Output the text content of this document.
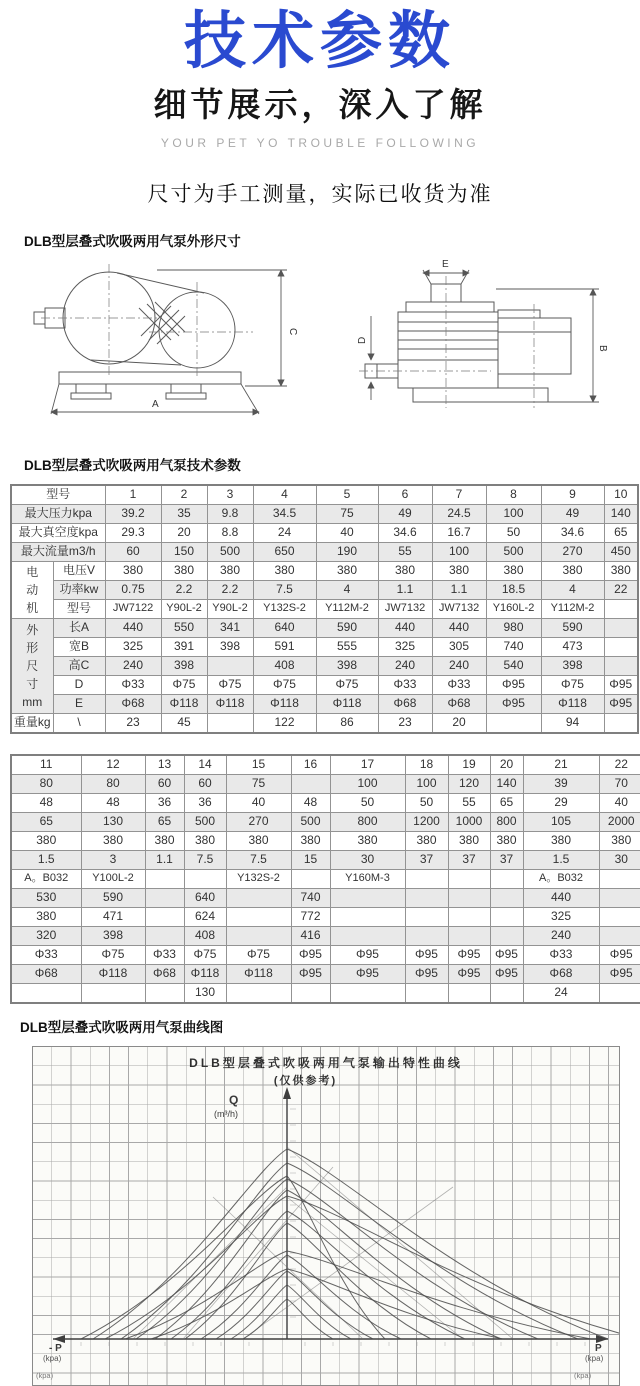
技术参数
细节展示，深入了解
YOUR PET YO TROUBLE FOLLOWING
尺寸为手工测量，实际已收货为准
DLB型层叠式吹吸两用气泵外形尺寸
C
A
E
D
B
DLB型层叠式吹吸两用气泵技术参数
型号		1	2	3	4	5	6	7	8	9	10
最大压力kpa		39.2	35	9.8	34.5	75	49	24.5	100	49	140
最大真空度kpa		29.3	20	8.8	24	40	34.6	16.7	50	34.6	65
最大流量m3/h		60	150	500	650	190	55	100	500	270	450

电
动
机	电压V	380	380	380	380	380	380	380	380	380	380
	功率kw	0.75	2.2	2.2	7.5	4	1.1	1.1	18.5	4	22
	型号	JW7122	Y90L-2	Y90L-2	Y132S-2	Y112M-2	JW7132	JW7132	Y160L-2	Y112M-2	

外
形
尺
寸
mm	长A	440	550	341	640	590	440	440	980	590	
	宽B	325	391	398	591	555	325	305	740	473	
	高C	240	398		408	398	240	240	540	398	
	D	Φ33	Φ75	Φ75	Φ75	Φ75	Φ33	Φ33	Φ95	Φ75	Φ95
	E	Φ68	Φ118	Φ118	Φ118	Φ118	Φ68	Φ68	Φ95	Φ118	Φ95
重量kg	\	23	45		122	86	23	20		94	
11	12	13	14	15	16	17	18	19	20	21	22
80	80	60	60	75		100	100	120	140	39	70
48	48	36	36	40	48	50	50	55	65	29	40
65	130	65	500	270	500	800	1200	1000	800	105	2000
380	380	380	380	380	380	380	380	380	380	380	380
1.5	3	1.1	7.5	7.5	15	30	37	37	37	1.5	30
A。B032	Y100L-2			Y132S-2		Y160M-3				A。B032	
530	590		640		740					440	
380	471		624		772					325	
320	398		408		416					240	
Φ33	Φ75	Φ33	Φ75	Φ75	Φ95	Φ95	Φ95	Φ95	Φ95	Φ33	Φ95
Φ68	Φ118	Φ68	Φ118	Φ118	Φ95	Φ95	Φ95	Φ95	Φ95	Φ68	Φ95
			130							24	
DLB型层叠式吹吸两用气泵曲线图
DLB型层叠式吹吸两用气泵输出特性曲线
(仅供参考)
Q
(m³/h)
- P
(kpa)
P
(kpa)
(kpa)	(kpa)
